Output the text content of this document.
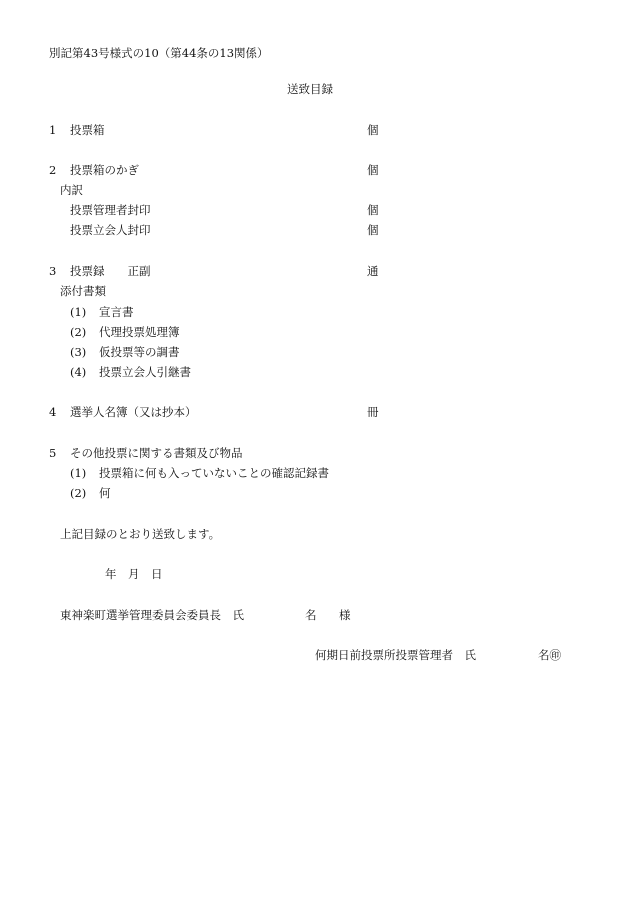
別記第43号様式の10（第44条の13関係）
送致目録
1 投票箱	個
2 投票箱のかぎ	個
内訳
投票管理者封印	個
投票立会人封印	個
3 投票録　　正副	通
添付書類
(1) 宣言書
(2) 代理投票処理簿
(3) 仮投票等の調書
(4) 投票立会人引継書
4 選挙人名簿（又は抄本）	冊
5 その他投票に関する書類及び物品
(1) 投票箱に何も入っていないことの確認記録書
(2) 何
上記目録のとおり送致します。
年　月　日
東神楽町選挙管理委員会委員長　氏	名 様
何期日前投票所投票管理者　氏	名㊞
